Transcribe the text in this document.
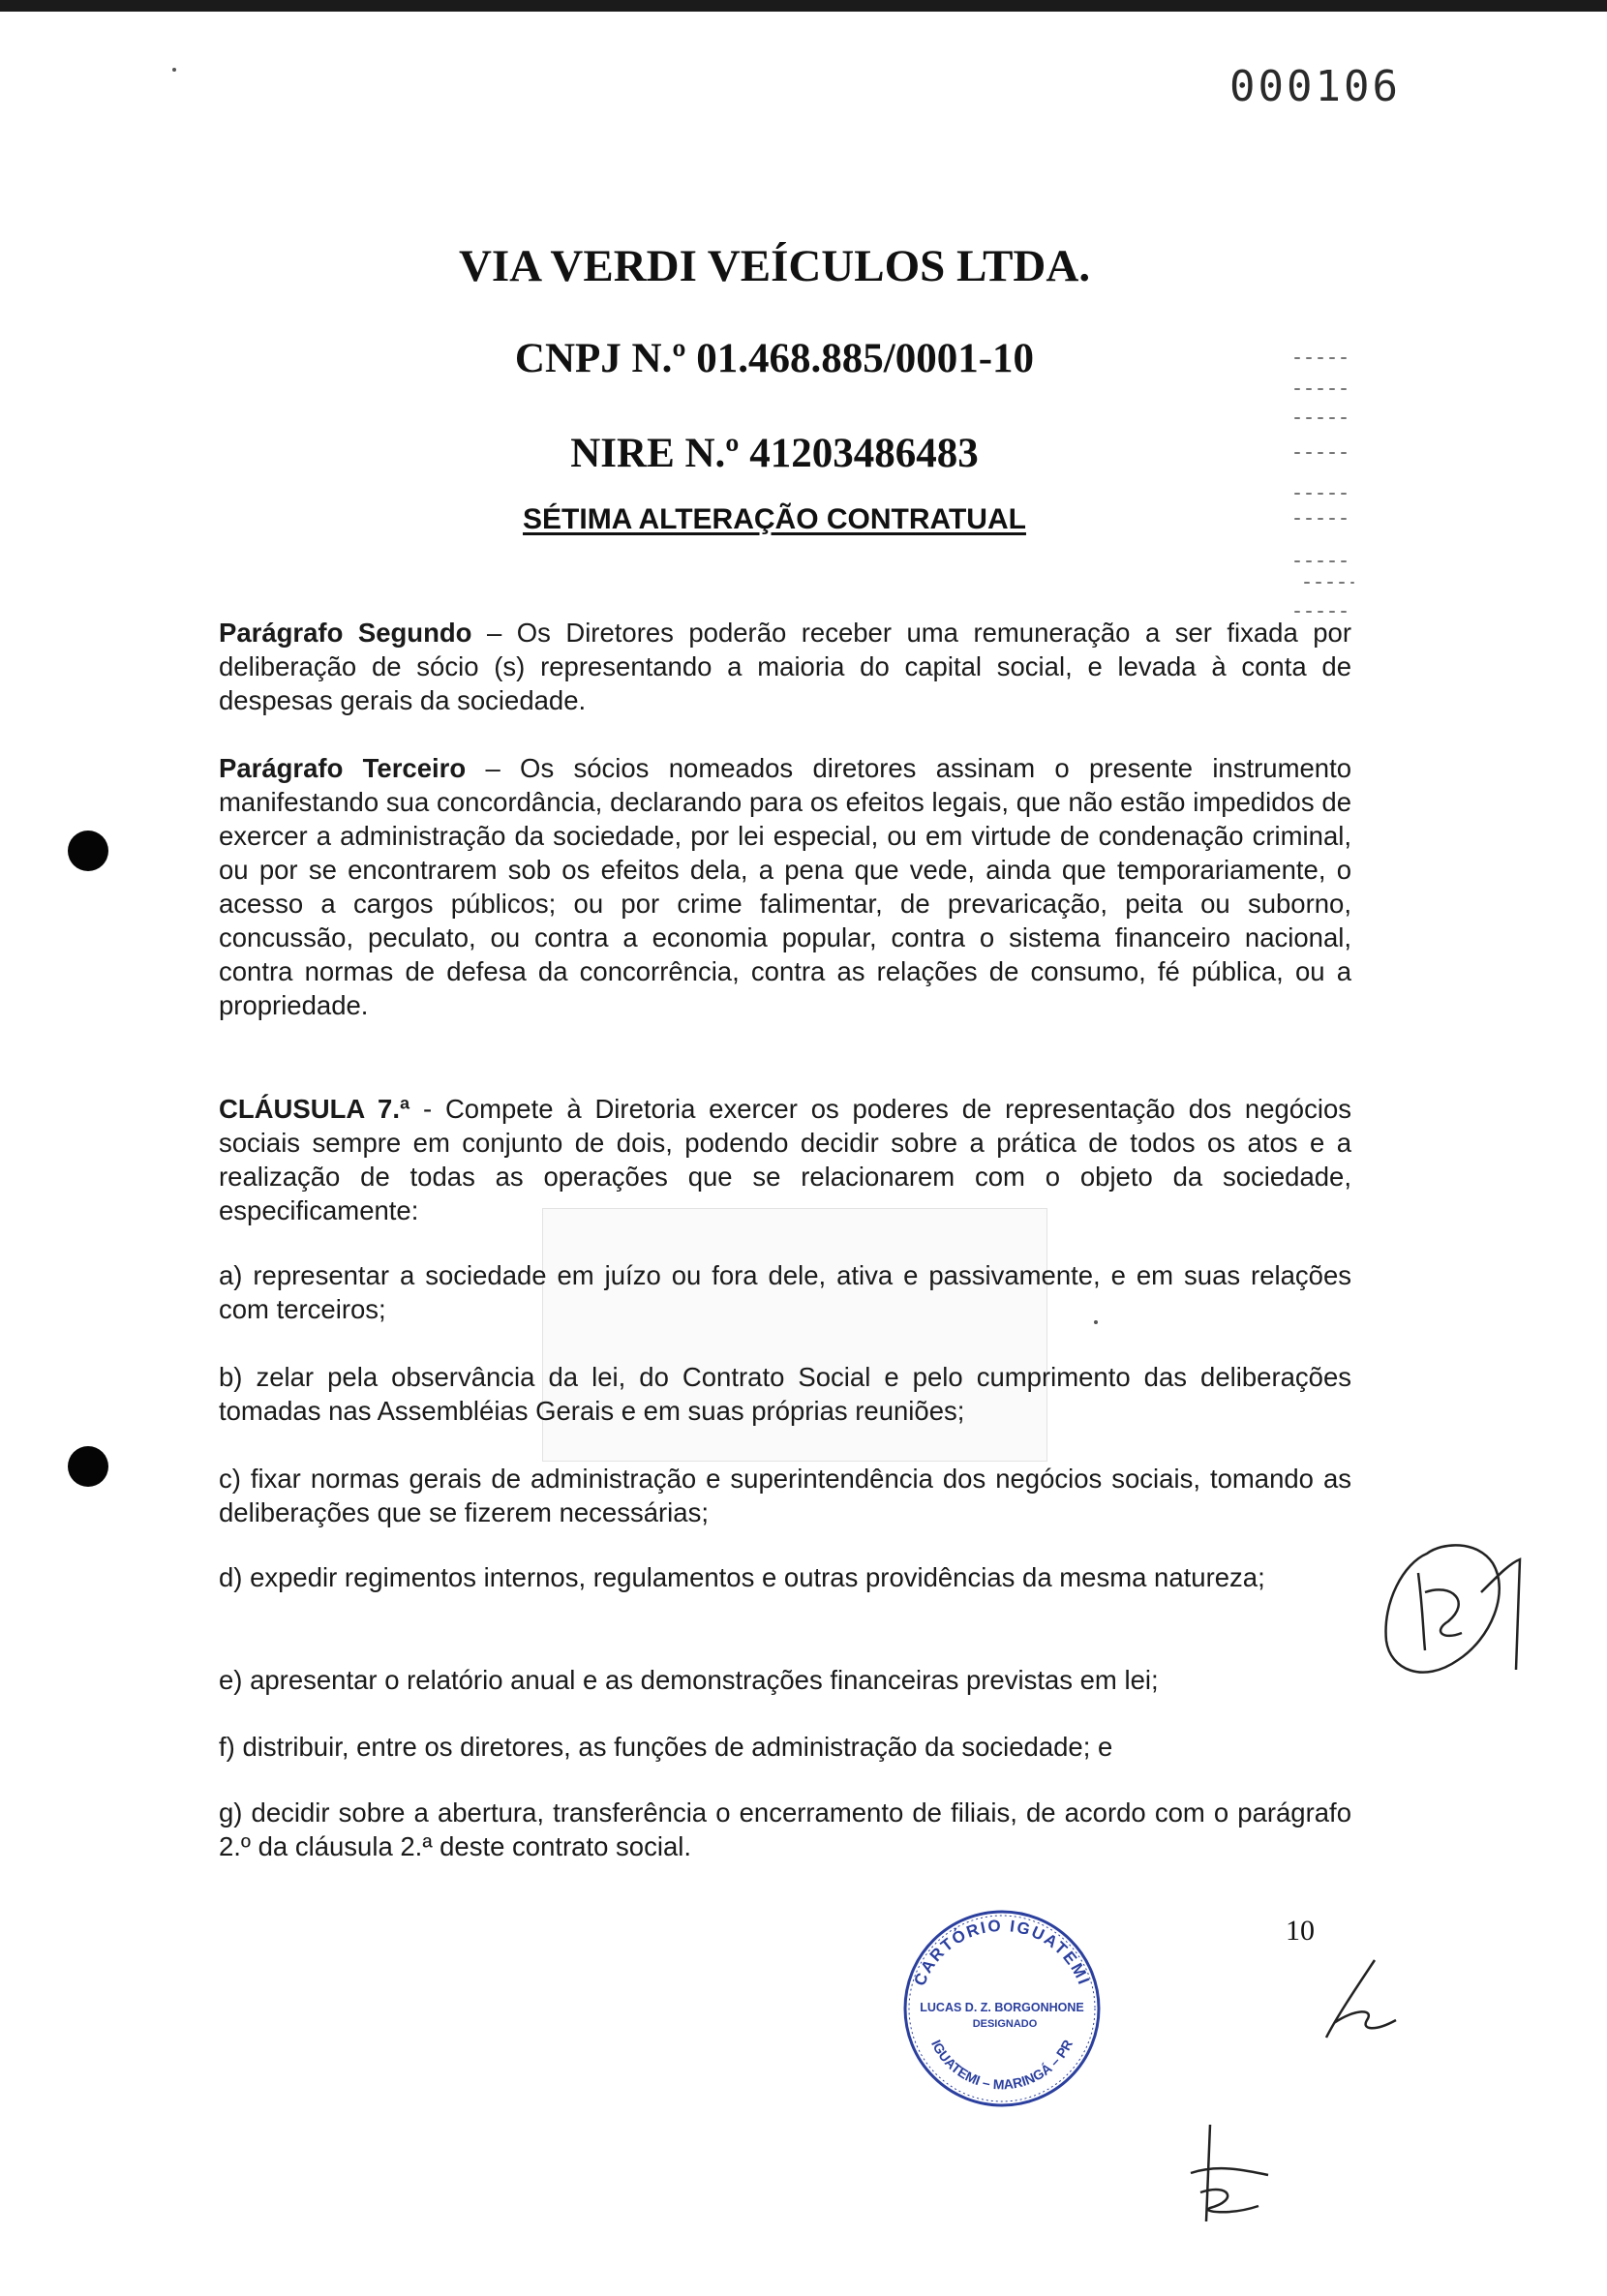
000106
VIA VERDI VEÍCULOS LTDA.
CNPJ N.º 01.468.885/0001-10
NIRE N.º 41203486483
SÉTIMA ALTERAÇÃO CONTRATUAL

Parágrafo Segundo – Os Diretores poderão receber uma remuneração a ser fixada por deliberação de sócio (s) representando a maioria do capital social, e levada à conta de despesas gerais da sociedade.

Parágrafo Terceiro – Os sócios nomeados diretores assinam o presente instrumento manifestando sua concordância, declarando para os efeitos legais, que não estão impedidos de exercer a administração da sociedade, por lei especial, ou em virtude de condenação criminal, ou por se encontrarem sob os efeitos dela, a pena que vede, ainda que temporariamente, o acesso a cargos públicos; ou por crime falimentar, de prevaricação, peita ou suborno, concussão, peculato, ou contra a economia popular, contra o sistema financeiro nacional, contra normas de defesa da concorrência, contra as relações de consumo, fé pública, ou a propriedade.

CLÁUSULA 7.ª - Compete à Diretoria exercer os poderes de representação dos negócios sociais sempre em conjunto de dois, podendo decidir sobre a prática de todos os atos e a realização de todas as operações que se relacionarem com o objeto da sociedade, especificamente:

a) representar a sociedade em juízo ou fora dele, ativa e passivamente, e em suas relações com terceiros;

b) zelar pela observância da lei, do Contrato Social e pelo cumprimento das deliberações tomadas nas Assembléias Gerais e em suas próprias reuniões;

c) fixar normas gerais de administração e superintendência dos negócios sociais, tomando as deliberações que se fizerem necessárias;

d) expedir regimentos internos, regulamentos e outras providências da mesma natureza;

e) apresentar o relatório anual e as demonstrações financeiras previstas em lei;

f) distribuir, entre os diretores, as funções de administração da sociedade; e

g) decidir sobre a abertura, transferência o encerramento de filiais, de acordo com o parágrafo 2.º da cláusula 2.ª deste contrato social.

10
CARTÓRIO IGUATEMI
IGUATEMI – MARINGÁ – PR
LUCAS D. Z. BORGONHONE
DESIGNADO
